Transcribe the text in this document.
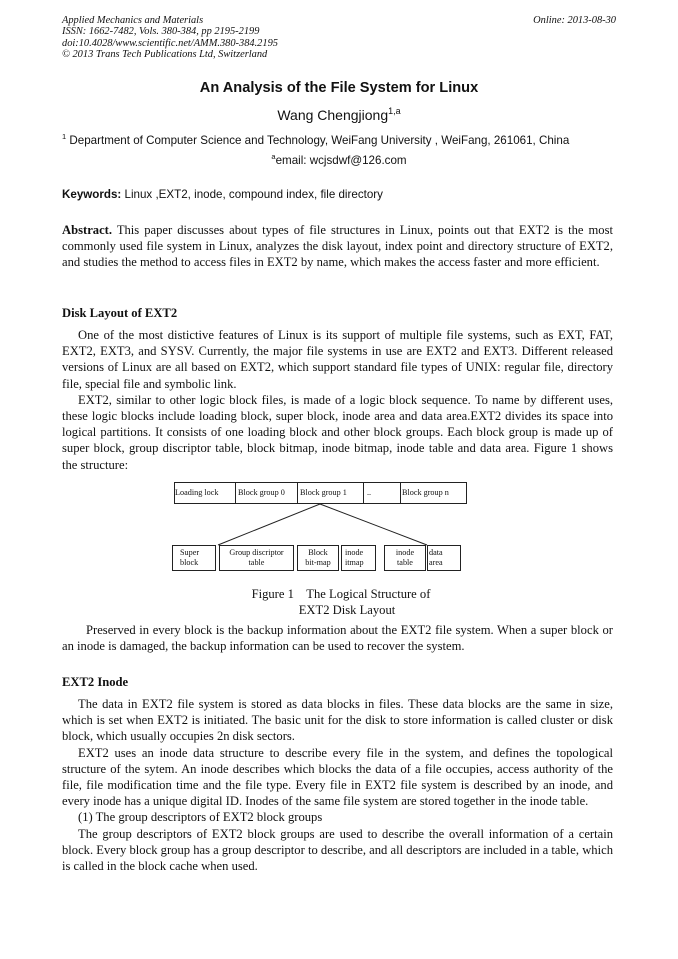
Applied Mechanics and Materials
ISSN: 1662-7482, Vols. 380-384, pp 2195-2199
doi:10.4028/www.scientific.net/AMM.380-384.2195
© 2013 Trans Tech Publications Ltd, Switzerland
Online: 2013-08-30
An Analysis of the File System for Linux
Wang Chengjiong$^{1,a}$
$^1$ Department of Computer Science and Technology, WeiFang University , WeiFang, 261061, China
$^a$email: wcjsdwf@126.com
Keywords: Linux ,EXT2, inode, compound index, file directory

Abstract. This paper discusses about types of file structures in Linux, points out that EXT2 is the most commonly used file system in Linux, analyzes the disk layout, index point and directory structure of EXT2, and studies the method to access files in EXT2 by name, which makes the access faster and more efficient.

Disk Layout of EXT2

One of the most distictive features of Linux is its support of multiple file systems, such as EXT, FAT, EXT2, EXT3, and SYSV. Currently, the major file systems in use are EXT2 and EXT3. Different released versions of Linux are all based on EXT2, which support standard file types of UNIX: regular file, directory file, special file and symbolic link.

EXT2, similar to other logic block files, is made of a logic block sequence. To name by different uses, these logic blocks include loading block, super block, inode area and data area.EXT2 divides its space into logical partitions. It consists of one loading block and other block groups. Each block group is made up of super block, group discriptor table, block bitmap, inode bitmap, inode table and data area. Figure 1 shows the structure:

Loading lock	Block group 0	Block group 1	..	Block group n
Super
block
Group discriptor
table
Block
bit-map
inode
itmap
inode
table
data
area
Figure 1    The Logical Structure of
EXT2 Disk Layout

Preserved in every block is the backup information about the EXT2 file system. When a super block or an inode is damaged, the backup information can be used to recover the system.

EXT2 Inode

The data in EXT2 file system is stored as data blocks in files. These data blocks are the same in size, which is set when EXT2 is initiated. The basic unit for the disk to store information is called cluster or disk block, which usually occupies 2n disk sectors.

EXT2 uses an inode data structure to describe every file in the system, and defines the topological structure of the sytem. An inode describes which blocks the data of a file occupies, access authority of the file, file modification time and the file type. Every file in EXT2 file system is described by an inode, and every inode has a unique digital ID. Inodes of the same file system are stored together in the inode table.

(1) The group descriptors of EXT2 block groups

The group descriptors of EXT2 block groups are used to describe the overall information of a certain block. Every block group has a group descriptor to describe, and all descriptors are included in a table, which is called in the block cache when used.
